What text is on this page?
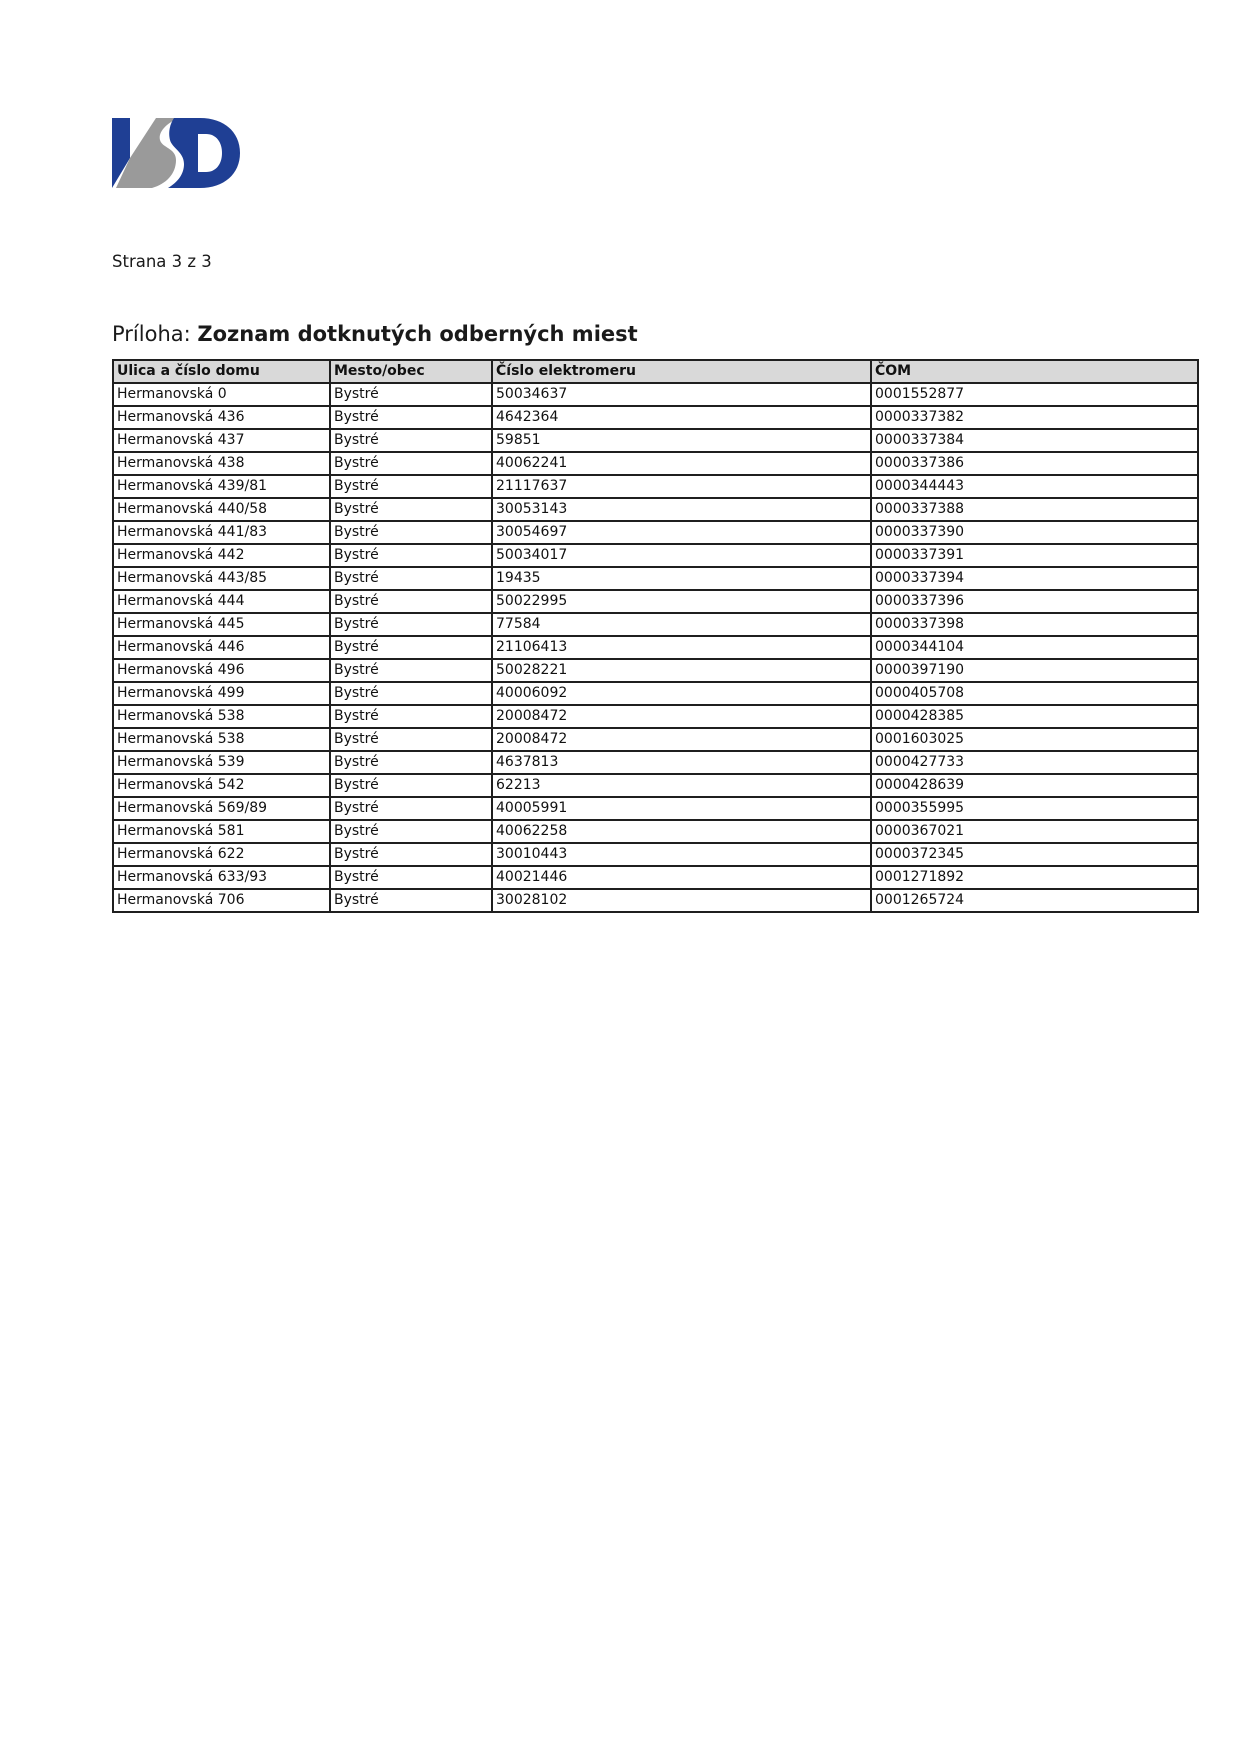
Strana 3 z 3
Príloha: Zoznam dotknutých odberných miest
Ulica a číslo domu	Mesto/obec	Číslo elektromeru	ČOM
Hermanovská 0	Bystré	50034637	0001552877
Hermanovská 436	Bystré	4642364	0000337382
Hermanovská 437	Bystré	59851	0000337384
Hermanovská 438	Bystré	40062241	0000337386
Hermanovská 439/81	Bystré	21117637	0000344443
Hermanovská 440/58	Bystré	30053143	0000337388
Hermanovská 441/83	Bystré	30054697	0000337390
Hermanovská 442	Bystré	50034017	0000337391
Hermanovská 443/85	Bystré	19435	0000337394
Hermanovská 444	Bystré	50022995	0000337396
Hermanovská 445	Bystré	77584	0000337398
Hermanovská 446	Bystré	21106413	0000344104
Hermanovská 496	Bystré	50028221	0000397190
Hermanovská 499	Bystré	40006092	0000405708
Hermanovská 538	Bystré	20008472	0000428385
Hermanovská 538	Bystré	20008472	0001603025
Hermanovská 539	Bystré	4637813	0000427733
Hermanovská 542	Bystré	62213	0000428639
Hermanovská 569/89	Bystré	40005991	0000355995
Hermanovská 581	Bystré	40062258	0000367021
Hermanovská 622	Bystré	30010443	0000372345
Hermanovská 633/93	Bystré	40021446	0001271892
Hermanovská 706	Bystré	30028102	0001265724
